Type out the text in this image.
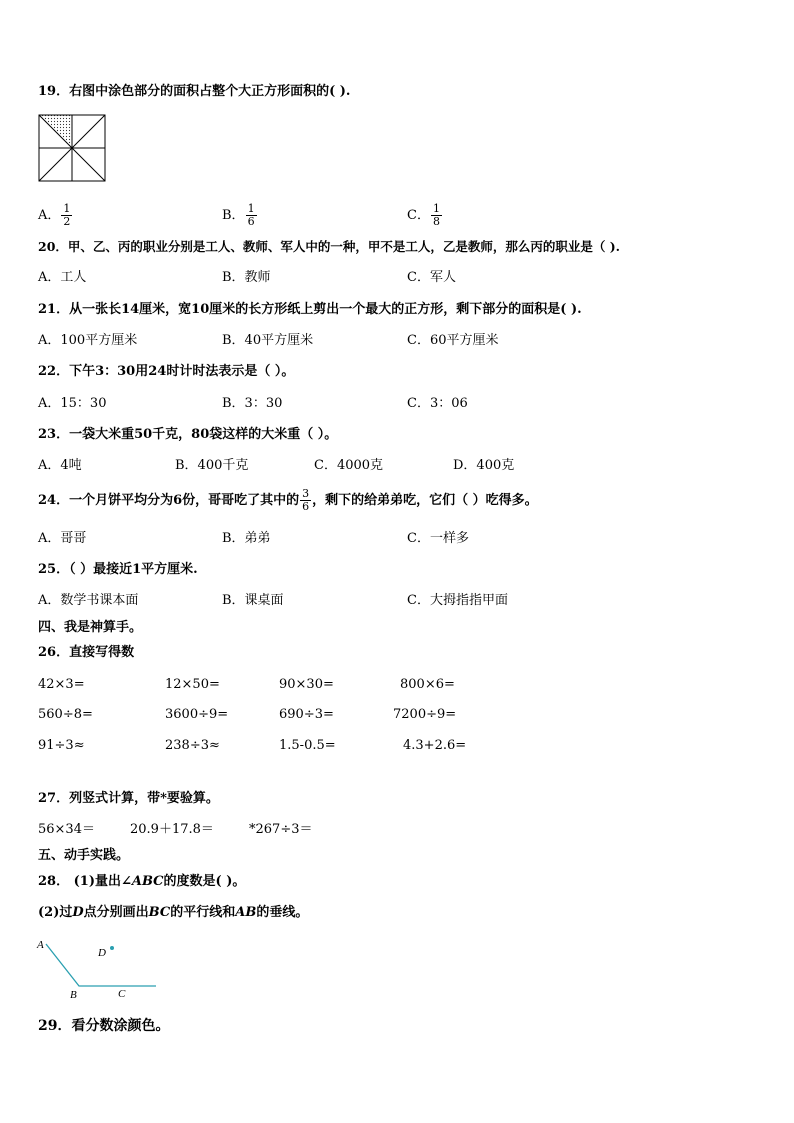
19．右图中涂色部分的面积占整个大正方形面积的( ).
A． $\frac{1}{2}$	B． $\frac{1}{6}$	C． $\frac{1}{8}$
20．甲、乙、丙的职业分别是工人、教师、军人中的一种，甲不是工人，乙是教师，那么丙的职业是（ ).
A．工人	B．教师	C．军人
21．从一张长14厘米，宽10厘米的长方形纸上剪出一个最大的正方形，剩下部分的面积是( ).
A．100平方厘米	B．40平方厘米	C．60平方厘米
22．下午3：30用24时计时法表示是（ ）。
A．15：30	B．3：30	C．3：06
23．一袋大米重50千克，80袋这样的大米重（ ）。
A．4吨	B．400千克	C．4000克	D．400克
24．一个月饼平均分为6份，哥哥吃了其中的 $\frac{3}{6}$ ，剩下的给弟弟吃，它们（ ）吃得多。
A．哥哥	B．弟弟	C．一样多
25．（ ）最接近1平方厘米.
A．数学书课本面	B．课桌面	C．大拇指指甲面
四、我是神算手。
26．直接写得数
42×3=	12×50=	90×30=	800×6=
560÷8=	3600÷9=	690÷3=	7200÷9=
91÷3≈	238÷3≈	1.5-0.5=	4.3+2.6=
27．列竖式计算，带*要验算。
56×34＝	20.9＋17.8＝	*267÷3＝
五、动手实践。
28． (1)量出∠ABC的度数是( )。
(2)过D点分别画出BC的平行线和AB的垂线。
A
B	C
D
29．看分数涂颜色。
